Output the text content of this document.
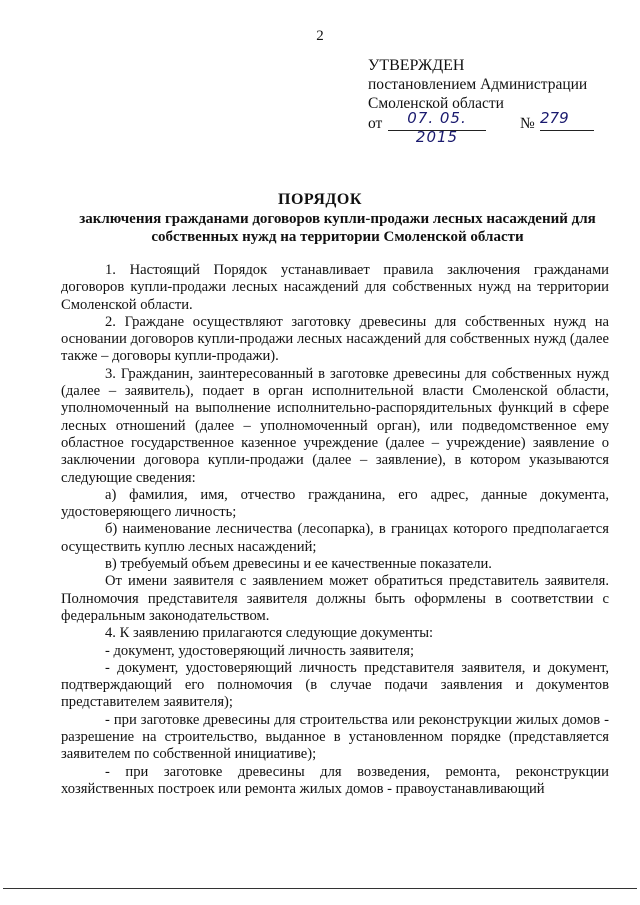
2
УТВЕРЖДЕН
постановлением Администрации
Смоленской области
от	07. 05. 2015
№ 279
ПОРЯДОК
заключения гражданами договоров купли-продажи лесных насаждений для собственных нужд на территории Смоленской области

1. Настоящий Порядок устанавливает правила заключения гражданами договоров купли-продажи лесных насаждений для собственных нужд на территории Смоленской области.

2. Граждане осуществляют заготовку древесины для собственных нужд на основании договоров купли-продажи лесных насаждений для собственных нужд (далее также – договоры купли-продажи).

3. Гражданин, заинтересованный в заготовке древесины для собственных нужд (далее – заявитель), подает в орган исполнительной власти Смоленской области, уполномоченный на выполнение исполнительно-распорядительных функций в сфере лесных отношений (далее – уполномоченный орган), или подведомственное ему областное государственное казенное учреждение (далее – учреждение) заявление о заключении договора купли-продажи (далее – заявление), в котором указываются следующие сведения:

а) фамилия, имя, отчество гражданина, его адрес, данные документа, удостоверяющего личность;

б) наименование лесничества (лесопарка), в границах которого предполагается осуществить куплю лесных насаждений;

в) требуемый объем древесины и ее качественные показатели.

От имени заявителя с заявлением может обратиться представитель заявителя. Полномочия представителя заявителя должны быть оформлены в соответствии с федеральным законодательством.

4. К заявлению прилагаются следующие документы:

- документ, удостоверяющий личность заявителя;

- документ, удостоверяющий личность представителя заявителя, и документ, подтверждающий его полномочия (в случае подачи заявления и документов представителем заявителя);

- при заготовке древесины для строительства или реконструкции жилых домов - разрешение на строительство, выданное в установленном порядке (представляется заявителем по собственной инициативе);

- при заготовке древесины для возведения, ремонта, реконструкции хозяйственных построек или ремонта жилых домов - правоустанавливающий
